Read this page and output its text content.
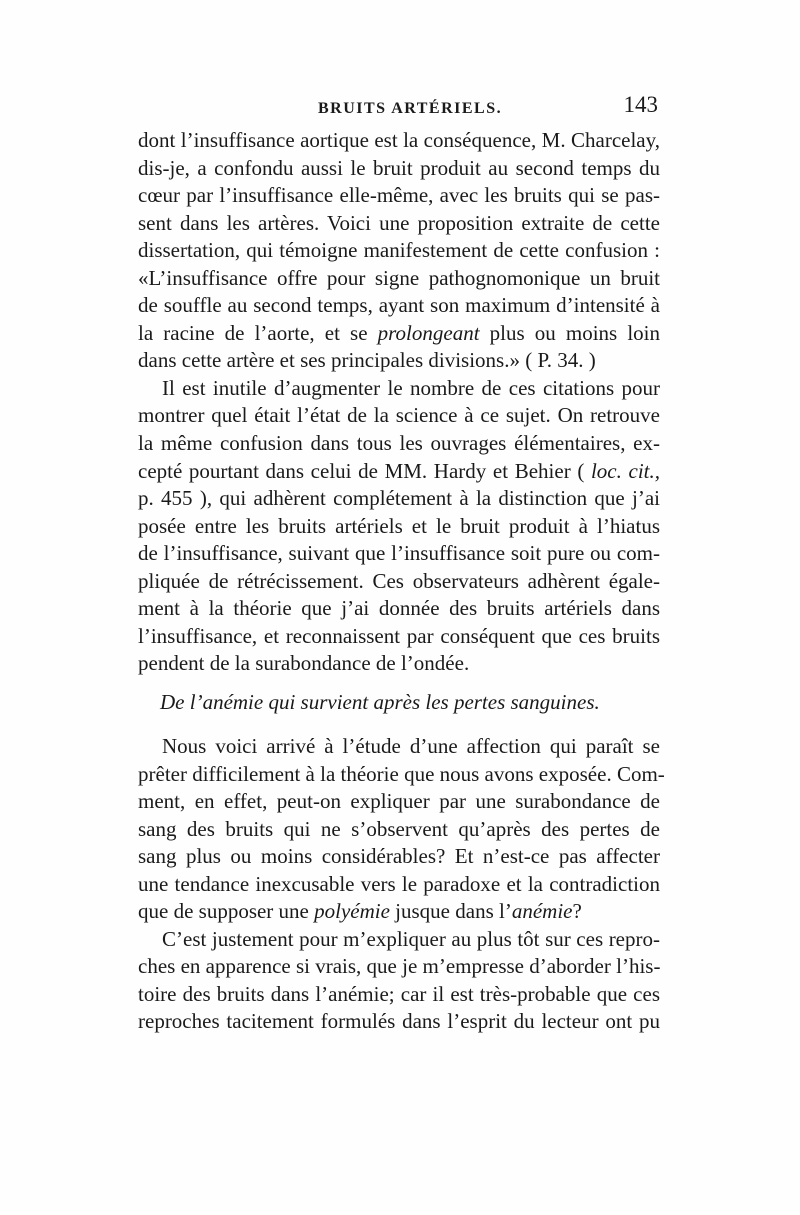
BRUITS ARTÉRIELS.	143
dont l’insuffisance aortique est la conséquence, M. Charcelay,
dis-je, a confondu aussi le bruit produit au second temps du
cœur par l’insuffisance elle-même, avec les bruits qui se pas-
sent dans les artères. Voici une proposition extraite de cette
dissertation, qui témoigne manifestement de cette confusion :
«L’insuffisance offre pour signe pathognomonique un bruit
de souffle au second temps, ayant son maximum d’intensité à
la racine de l’aorte, et se prolongeant plus ou moins loin
dans cette artère et ses principales divisions.» ( P. 34. )
Il est inutile d’augmenter le nombre de ces citations pour
montrer quel était l’état de la science à ce sujet. On retrouve
la même confusion dans tous les ouvrages élémentaires, ex-
cepté pourtant dans celui de MM. Hardy et Behier ( loc. cit.,
p. 455 ), qui adhèrent complétement à la distinction que j’ai
posée entre les bruits artériels et le bruit produit à l’hiatus
de l’insuffisance, suivant que l’insuffisance soit pure ou com-
pliquée de rétrécissement. Ces observateurs adhèrent égale-
ment à la théorie que j’ai donnée des bruits artériels dans
l’insuffisance, et reconnaissent par conséquent que ces bruits
pendent de la surabondance de l’ondée.
De l’anémie qui survient après les pertes sanguines.
Nous voici arrivé à l’étude d’une affection qui paraît se
prêter difficilement à la théorie que nous avons exposée. Com-
ment, en effet, peut-on expliquer par une surabondance de
sang des bruits qui ne s’observent qu’après des pertes de
sang plus ou moins considérables? Et n’est-ce pas affecter
une tendance inexcusable vers le paradoxe et la contradiction
que de supposer une polyémie jusque dans l’anémie?
C’est justement pour m’expliquer au plus tôt sur ces repro-
ches en apparence si vrais, que je m’empresse d’aborder l’his-
toire des bruits dans l’anémie; car il est très-probable que ces
reproches tacitement formulés dans l’esprit du lecteur ont pu
